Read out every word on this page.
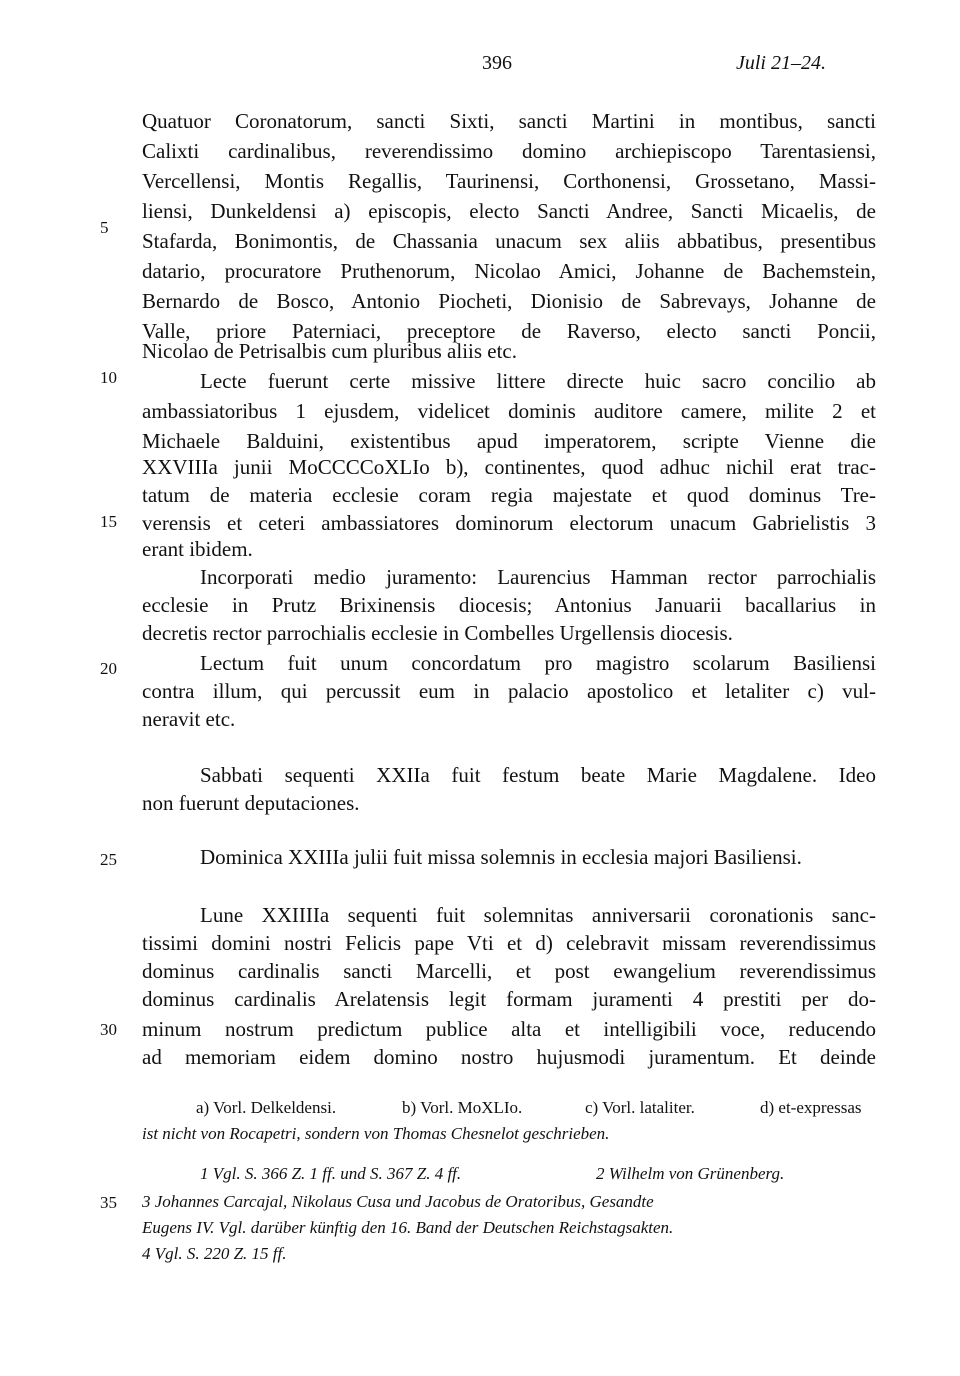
396	Juli 21–24.
5
10
15
20
25
30
35
Quatuor Coronatorum, sancti Sixti, sancti Martini in montibus, sancti
Calixti cardinalibus, reverendissimo domino archiepiscopo Tarentasiensi,
Vercellensi, Montis Regallis, Taurinensi, Corthonensi, Grossetano, Massi-
liensi, Dunkeldensi a) episcopis, electo Sancti Andree, Sancti Micaelis, de
Stafarda, Bonimontis, de Chassania unacum sex aliis abbatibus, presentibus
datario, procuratore Pruthenorum, Nicolao Amici, Johanne de Bachemstein,
Bernardo de Bosco, Antonio Piocheti, Dionisio de Sabrevays, Johanne de
Valle, priore Paterniaci, preceptore de Raverso, electo sancti Poncii,
Nicolao de Petrisalbis cum pluribus aliis etc.
Lecte fuerunt certe missive littere directe huic sacro concilio ab
ambassiatoribus 1 ejusdem, videlicet dominis auditore camere, milite 2 et
Michaele Balduini, existentibus apud imperatorem, scripte Vienne die
XXVIIIa junii MoCCCCoXLIo b), continentes, quod adhuc nichil erat trac-
tatum de materia ecclesie coram regia majestate et quod dominus Tre-
verensis et ceteri ambassiatores dominorum electorum unacum Gabrielistis 3
erant ibidem.
Incorporati medio juramento: Laurencius Hamman rector parrochialis
ecclesie in Prutz Brixinensis diocesis; Antonius Januarii bacallarius in
decretis rector parrochialis ecclesie in Combelles Urgellensis diocesis.
Lectum fuit unum concordatum pro magistro scolarum Basiliensi
contra illum, qui percussit eum in palacio apostolico et letaliter c) vul-
neravit etc.
Sabbati sequenti XXIIa fuit festum beate Marie Magdalene. Ideo
non fuerunt deputaciones.
Dominica XXIIIa julii fuit missa solemnis in ecclesia majori Basiliensi.
Lune XXIIIIa sequenti fuit solemnitas anniversarii coronationis sanc-
tissimi domini nostri Felicis pape Vti et d) celebravit missam reverendissimus
dominus cardinalis sancti Marcelli, et post ewangelium reverendissimus
dominus cardinalis Arelatensis legit formam juramenti 4 prestiti per do-
minum nostrum predictum publice alta et intelligibili voce, reducendo
ad memoriam eidem domino nostro hujusmodi juramentum. Et deinde
a) Vorl. Delkeldensi.	b) Vorl. MoXLIo.	c) Vorl. lataliter.	d) et-expressas
ist nicht von Rocapetri, sondern von Thomas Chesnelot geschrieben.
1 Vgl. S. 366 Z. 1 ff. und S. 367 Z. 4 ff.	2 Wilhelm von Grünenberg.
3 Johannes Carcajal, Nikolaus Cusa und Jacobus de Oratoribus, Gesandte
Eugens IV. Vgl. darüber künftig den 16. Band der Deutschen Reichstagsakten.
4 Vgl. S. 220 Z. 15 ff.
